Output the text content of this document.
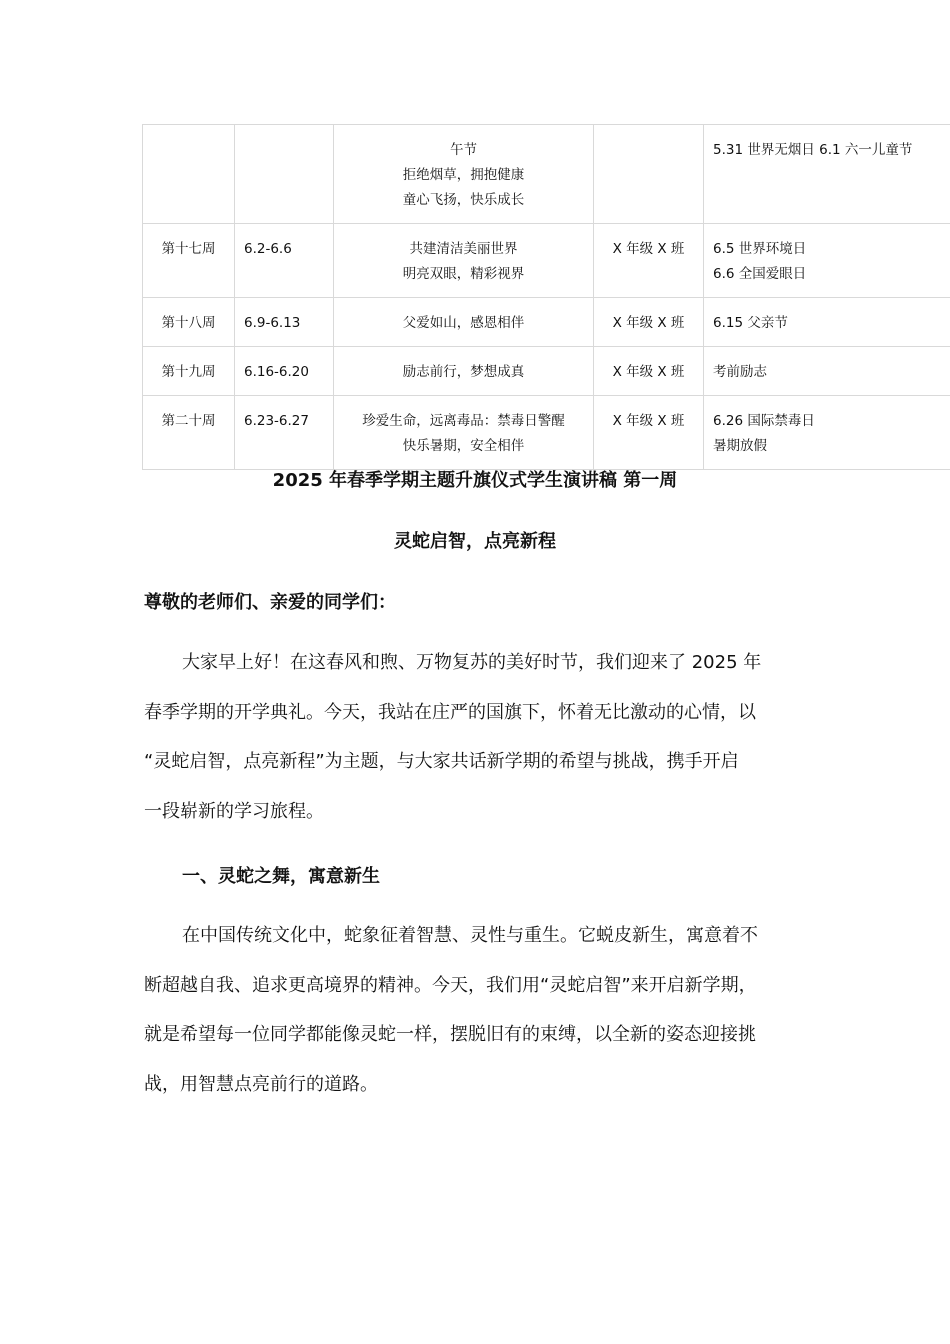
		午节
拒绝烟草，拥抱健康
童心飞扬，快乐成长		5.31 世界无烟日 6.1 六一儿童节

第十七周	6.2-6.6	共建清洁美丽世界
明亮双眼，精彩视界	X 年级 X 班	6.5 世界环境日
6.6 全国爱眼日

第十八周	6.9-6.13	父爱如山，感恩相伴	X 年级 X 班	6.15 父亲节

第十九周	6.16-6.20	励志前行，梦想成真	X 年级 X 班	考前励志

第二十周	6.23-6.27	珍爱生命，远离毒品：禁毒日警醒
快乐暑期，安全相伴	X 年级 X 班	6.26 国际禁毒日
暑期放假
2025 年春季学期主题升旗仪式学生演讲稿 第一周
灵蛇启智，点亮新程
尊敬的老师们、亲爱的同学们：
大家早上好！在这春风和煦、万物复苏的美好时节，我们迎来了 2025 年
春季学期的开学典礼。今天，我站在庄严的国旗下，怀着无比激动的心情，以
“灵蛇启智，点亮新程”为主题，与大家共话新学期的希望与挑战，携手开启
一段崭新的学习旅程。
一、灵蛇之舞，寓意新生
在中国传统文化中，蛇象征着智慧、灵性与重生。它蜕皮新生，寓意着不
断超越自我、追求更高境界的精神。今天，我们用“灵蛇启智”来开启新学期，
就是希望每一位同学都能像灵蛇一样，摆脱旧有的束缚，以全新的姿态迎接挑
战，用智慧点亮前行的道路。
